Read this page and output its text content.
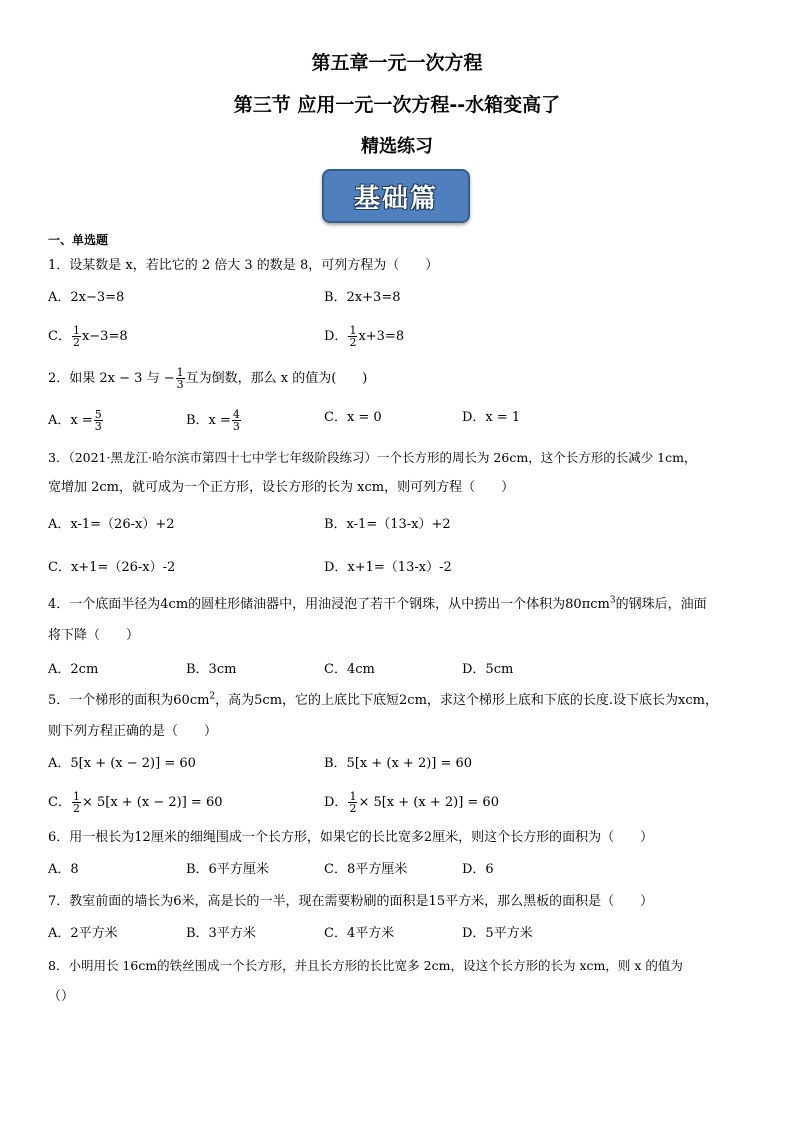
第五章一元一次方程
第三节 应用一元一次方程--水箱变高了
精选练习
基础篇
一、单选题
1．设某数是 x，若比它的 2 倍大 3 的数是 8，可列方程为（　　）
A．2x−3=8	B．2x+3=8
C． $\frac{1}{2} x-3=8$	D． $\frac{1}{2} x+3=8$
2．如果 2x − 3 与 − $\frac{1}{3}$ 互为倒数，那么 x 的值为(　　)
A．$x = \frac{5}{3}$	B．$x = \frac{4}{3}$	C．x = 0	D．x = 1
3．（2021·黑龙江·哈尔滨市第四十七中学七年级阶段练习）一个长方形的周长为 26cm，这个长方形的长减少 1cm，
宽增加 2cm，就可成为一个正方形，设长方形的长为 xcm，则可列方程（　　）
A．x-1=（26-x）+2	B．x-1=（13-x）+2
C．x+1=（26-x）-2	D．x+1=（13-x）-2
4．一个底面半径为4cm的圆柱形储油器中，用油浸泡了若干个钢珠，从中捞出一个体积为80πcm$^3$的钢珠后，油面
将下降（　　）
A．2cm	B．3cm	C．4cm	D．5cm
5．一个梯形的面积为$60cm^2$，高为5cm，它的上底比下底短2cm，求这个梯形上底和下底的长度.设下底长为xcm，
则下列方程正确的是（　　）
A．5[x + (x − 2)] = 60	B．5[x + (x + 2)] = 60
C． $\frac{1}{2} \times 5[x + (x - 2)] = 60$	D． $\frac{1}{2} \times 5[x + (x + 2)] = 60$
6．用一根长为12厘米的细绳围成一个长方形，如果它的长比宽多2厘米，则这个长方形的面积为（　　）
A．8	B．6平方厘米	C．8平方厘米	D．6
7．教室前面的墙长为6米，高是长的一半，现在需要粉刷的面积是15平方米，那么黑板的面积是（　　）
A．2平方米	B．3平方米	C．4平方米	D．5平方米
8．小明用长 16cm的铁丝围成一个长方形，并且长方形的长比宽多 2cm，设这个长方形的长为 xcm，则 x 的值为
（）
